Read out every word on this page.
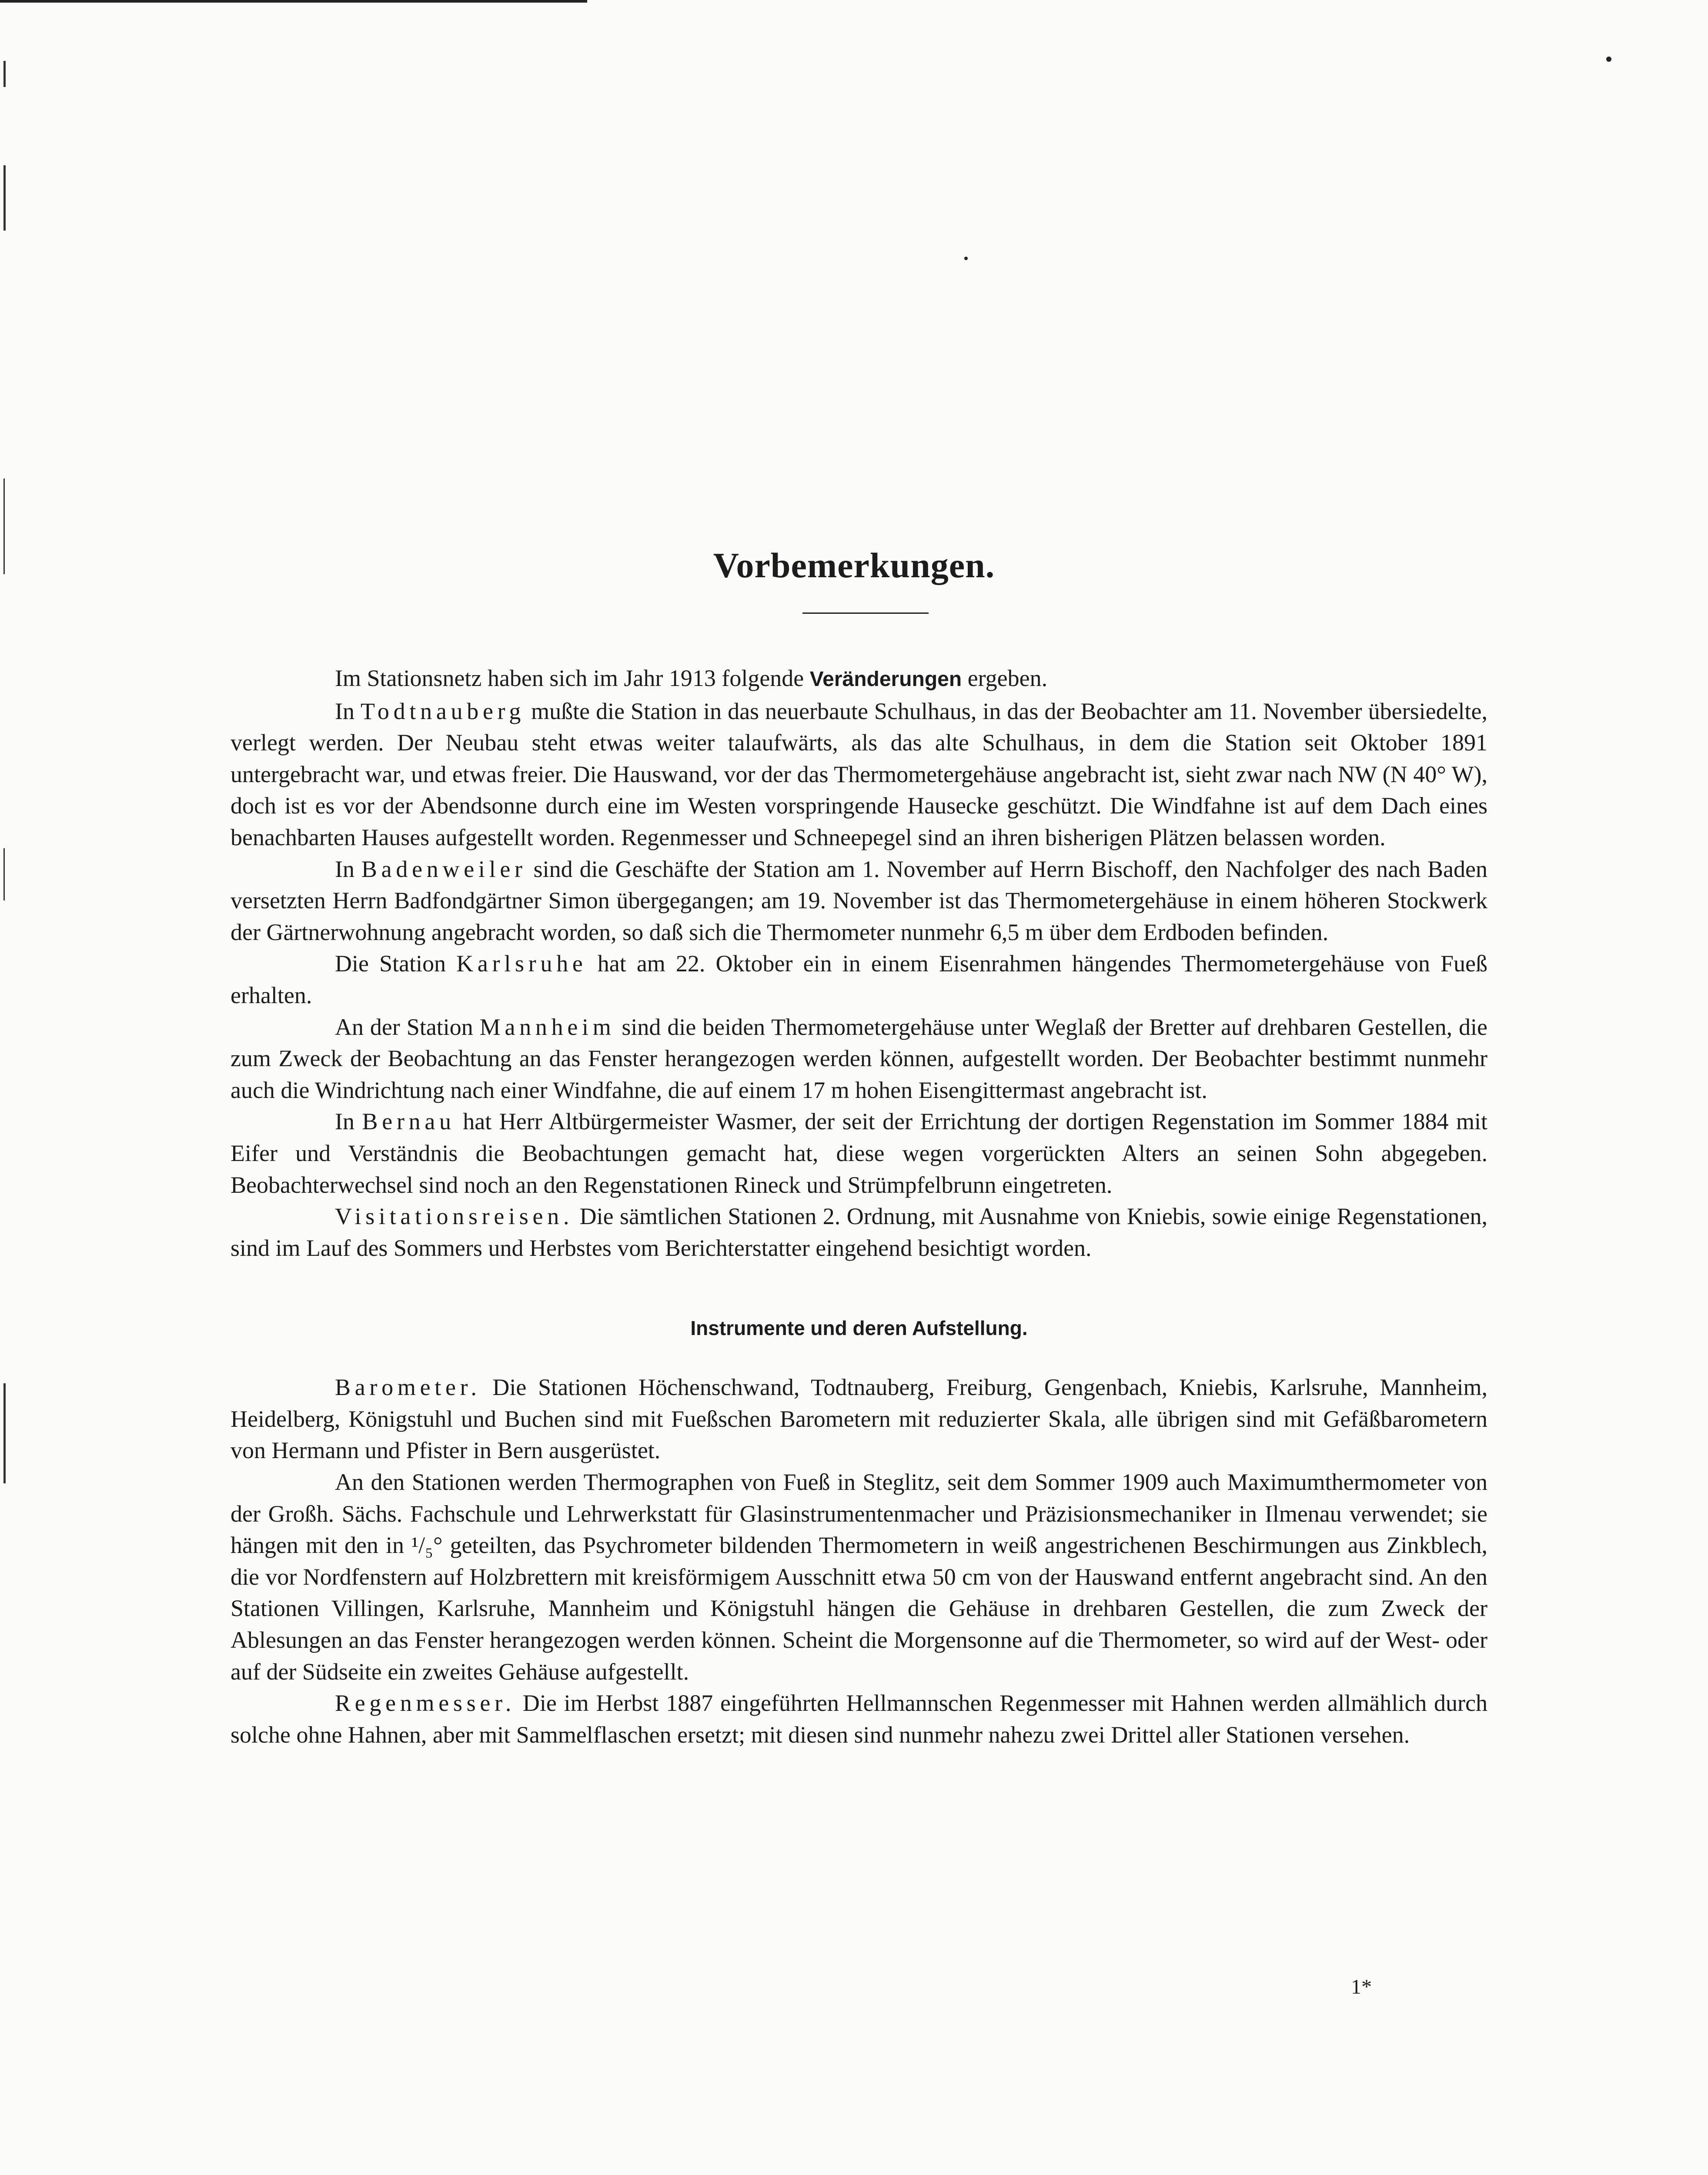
Vorbemerkungen.

Im Stationsnetz haben sich im Jahr 1913 folgende Veränderungen ergeben.

In Todtnauberg mußte die Station in das neuerbaute Schulhaus, in das der Beobachter am 11. November übersiedelte, verlegt werden. Der Neubau steht etwas weiter talaufwärts, als das alte Schulhaus, in dem die Station seit Oktober 1891 untergebracht war, und etwas freier. Die Hauswand, vor der das Thermometergehäuse angebracht ist, sieht zwar nach NW (N 40° W), doch ist es vor der Abendsonne durch eine im Westen vorspringende Hausecke geschützt. Die Windfahne ist auf dem Dach eines benachbarten Hauses aufgestellt worden. Regenmesser und Schneepegel sind an ihren bisherigen Plätzen belassen worden.

In Badenweiler sind die Geschäfte der Station am 1. November auf Herrn Bischoff, den Nachfolger des nach Baden versetzten Herrn Badfondgärtner Simon übergegangen; am 19. November ist das Thermometergehäuse in einem höheren Stockwerk der Gärtnerwohnung angebracht worden, so daß sich die Thermometer nunmehr 6,5 m über dem Erdboden befinden.

Die Station Karlsruhe hat am 22. Oktober ein in einem Eisenrahmen hängendes Thermometergehäuse von Fueß erhalten.

An der Station Mannheim sind die beiden Thermometergehäuse unter Weglaß der Bretter auf drehbaren Gestellen, die zum Zweck der Beobachtung an das Fenster herangezogen werden können, aufgestellt worden. Der Beobachter bestimmt nunmehr auch die Windrichtung nach einer Windfahne, die auf einem 17 m hohen Eisengittermast angebracht ist.

In Bernau hat Herr Altbürgermeister Wasmer, der seit der Errichtung der dortigen Regenstation im Sommer 1884 mit Eifer und Verständnis die Beobachtungen gemacht hat, diese wegen vorgerückten Alters an seinen Sohn abgegeben. Beobachterwechsel sind noch an den Regenstationen Rineck und Strümpfelbrunn eingetreten.

Visitationsreisen. Die sämtlichen Stationen 2. Ordnung, mit Ausnahme von Kniebis, sowie einige Regenstationen, sind im Lauf des Sommers und Herbstes vom Berichterstatter eingehend besichtigt worden.

Instrumente und deren Aufstellung.

Barometer. Die Stationen Höchenschwand, Todtnauberg, Freiburg, Gengenbach, Kniebis, Karlsruhe, Mannheim, Heidelberg, Königstuhl und Buchen sind mit Fueßschen Barometern mit reduzierter Skala, alle übrigen sind mit Gefäßbarometern von Hermann und Pfister in Bern ausgerüstet.

An den Stationen werden Thermographen von Fueß in Steglitz, seit dem Sommer 1909 auch Maximumthermometer von der Großh. Sächs. Fachschule und Lehrwerkstatt für Glasinstrumentenmacher und Präzisionsmechaniker in Ilmenau verwendet; sie hängen mit den in ¹/₅° geteilten, das Psychrometer bildenden Thermometern in weiß angestrichenen Beschirmungen aus Zinkblech, die vor Nordfenstern auf Holzbrettern mit kreisförmigem Ausschnitt etwa 50 cm von der Hauswand entfernt angebracht sind. An den Stationen Villingen, Karlsruhe, Mannheim und Königstuhl hängen die Gehäuse in drehbaren Gestellen, die zum Zweck der Ablesungen an das Fenster herangezogen werden können. Scheint die Morgensonne auf die Thermometer, so wird auf der West- oder auf der Südseite ein zweites Gehäuse aufgestellt.

Regenmesser. Die im Herbst 1887 eingeführten Hellmannschen Regenmesser mit Hahnen werden allmählich durch solche ohne Hahnen, aber mit Sammelflaschen ersetzt; mit diesen sind nunmehr nahezu zwei Drittel aller Stationen versehen.

1*
